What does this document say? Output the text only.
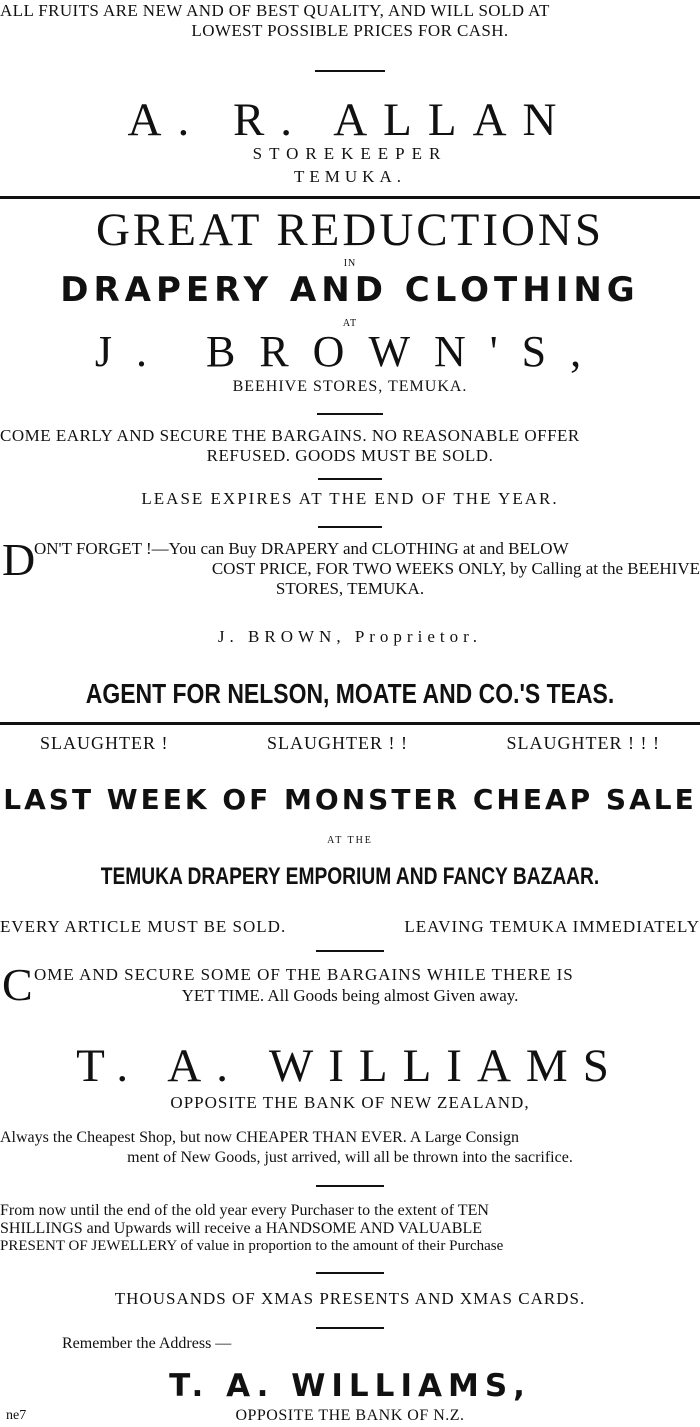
ALL FRUITS ARE NEW AND OF BEST QUALITY, AND WILL SOLD AT
LOWEST POSSIBLE PRICES FOR CASH.
A. R. ALLAN
STOREKEEPER
TEMUKA.
GREAT REDUCTIONS
IN
DRAPERY AND CLOTHING
AT
J. BROWN'S,
BEEHIVE STORES, TEMUKA.
COME EARLY AND SECURE THE BARGAINS. NO REASONABLE OFFER
REFUSED. GOODS MUST BE SOLD.
LEASE EXPIRES AT THE END OF THE YEAR.
D
ON'T FORGET !—You can Buy DRAPERY and CLOTHING at and BELOW
COST PRICE, FOR TWO WEEKS ONLY, by Calling at the BEEHIVE
STORES, TEMUKA.
J. BROWN, Proprietor.
AGENT FOR NELSON, MOATE AND CO.'S TEAS.
SLAUGHTER !	SLAUGHTER ! !	SLAUGHTER ! ! !
LAST WEEK OF MONSTER CHEAP SALE
AT THE
TEMUKA DRAPERY EMPORIUM AND FANCY BAZAAR.
EVERY ARTICLE MUST BE SOLD.	LEAVING TEMUKA IMMEDIATELY
C OME AND SECURE SOME OF THE BARGAINS WHILE THERE IS
YET TIME. All Goods being almost Given away.
T. A. WILLIAMS
OPPOSITE THE BANK OF NEW ZEALAND,
Always the Cheapest Shop, but now CHEAPER THAN EVER. A Large Consign
ment of New Goods, just arrived, will all be thrown into the sacrifice.
From now until the end of the old year every Purchaser to the extent of TEN
SHILLINGS and Upwards will receive a HANDSOME AND VALUABLE
PRESENT OF JEWELLERY of value in proportion to the amount of their Purchase
THOUSANDS OF XMAS PRESENTS AND XMAS CARDS.
Remember the Address —
T. A. WILLIAMS,
ne7	OPPOSITE THE BANK OF N.Z.
